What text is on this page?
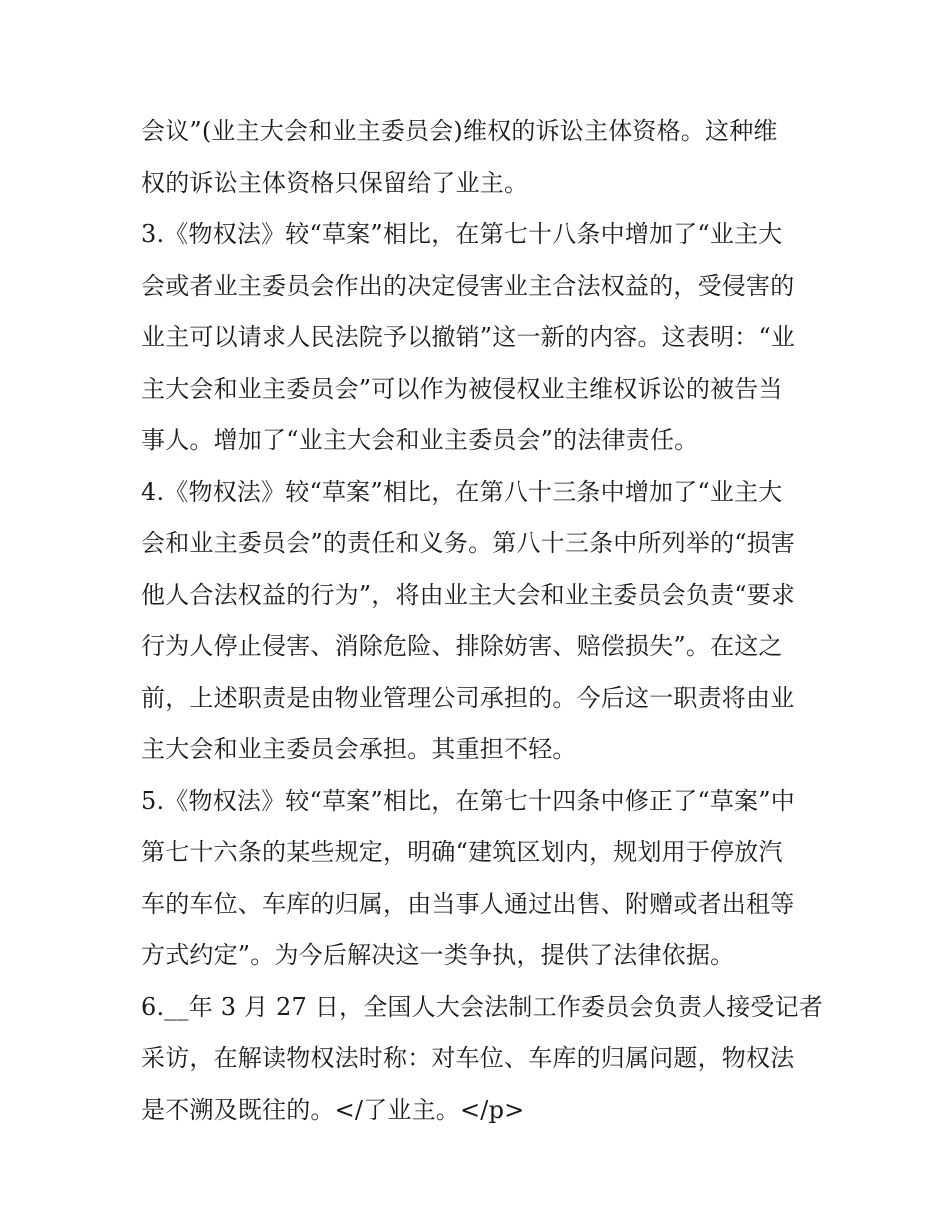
会议”(业主大会和业主委员会)维权的诉讼主体资格。这种维
权的诉讼主体资格只保留给了业主。
3.《物权法》较“草案”相比，在第七十八条中增加了“业主大
会或者业主委员会作出的决定侵害业主合法权益的，受侵害的
业主可以请求人民法院予以撤销”这一新的内容。这表明：“业
主大会和业主委员会”可以作为被侵权业主维权诉讼的被告当
事人。增加了“业主大会和业主委员会”的法律责任。
4.《物权法》较“草案”相比，在第八十三条中增加了“业主大
会和业主委员会”的责任和义务。第八十三条中所列举的“损害
他人合法权益的行为”，将由业主大会和业主委员会负责“要求
行为人停止侵害、消除危险、排除妨害、赔偿损失”。在这之
前，上述职责是由物业管理公司承担的。今后这一职责将由业
主大会和业主委员会承担。其重担不轻。
5.《物权法》较“草案”相比，在第七十四条中修正了“草案”中
第七十六条的某些规定，明确“建筑区划内，规划用于停放汽
车的车位、车库的归属，由当事人通过出售、附赠或者出租等
方式约定”。为今后解决这一类争执，提供了法律依据。
6.__年 3 月 27 日，全国人大会法制工作委员会负责人接受记者
采访，在解读物权法时称：对车位、车库的归属问题，物权法
是不溯及既往的。</了业主。</p>
